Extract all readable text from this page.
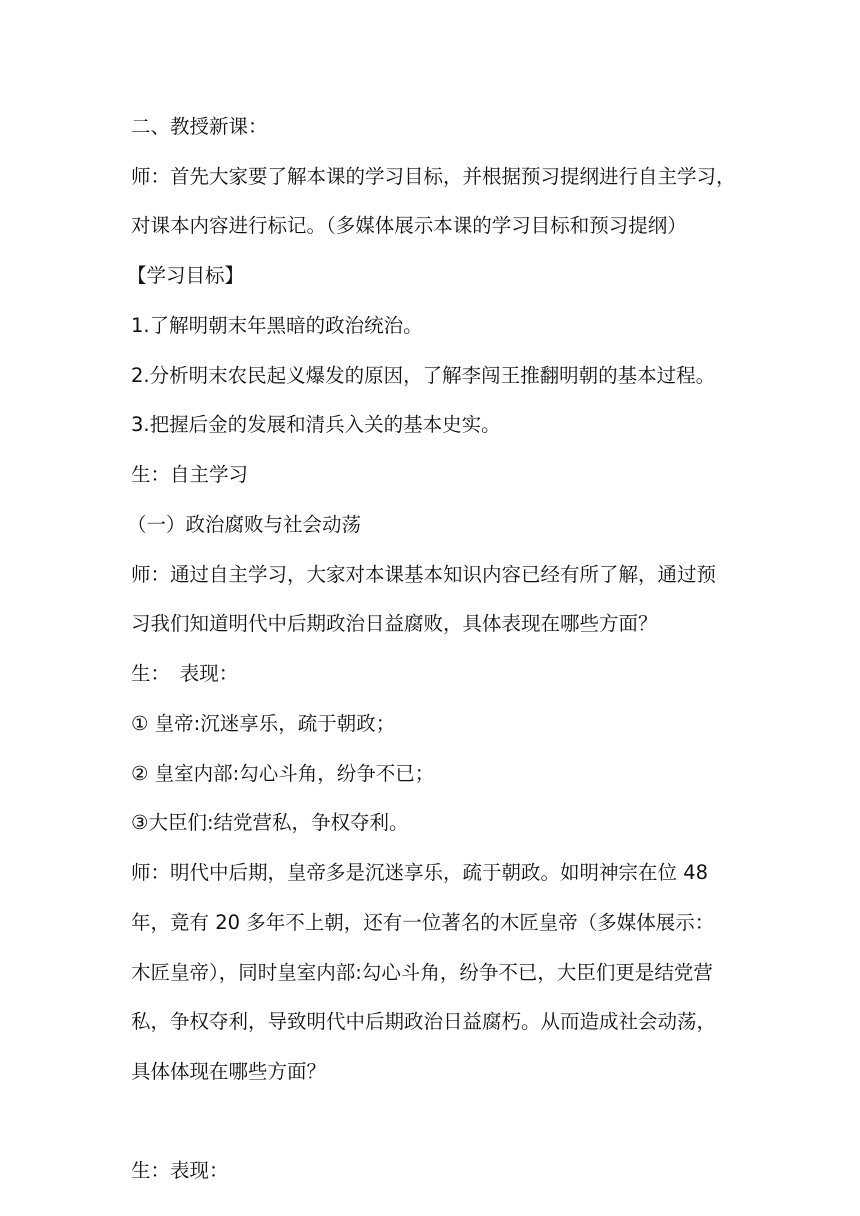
二、教授新课：
师：首先大家要了解本课的学习目标，并根据预习提纲进行自主学习，
对课本内容进行标记。（多媒体展示本课的学习目标和预习提纲）
【学习目标】
1.了解明朝末年黑暗的政治统治。
2.分析明末农民起义爆发的原因，了解李闯王推翻明朝的基本过程。
3.把握后金的发展和清兵入关的基本史实。
生：自主学习
（一）政治腐败与社会动荡
师：通过自主学习，大家对本课基本知识内容已经有所了解，通过预
习我们知道明代中后期政治日益腐败，具体表现在哪些方面？
生：　表现：
① 皇帝:沉迷享乐，疏于朝政；
② 皇室内部:勾心斗角，纷争不已；
③大臣们:结党营私，争权夺利。
师：明代中后期，皇帝多是沉迷享乐，疏于朝政。如明神宗在位 48
年，竟有 20 多年不上朝，还有一位著名的木匠皇帝（多媒体展示：
木匠皇帝），同时皇室内部:勾心斗角，纷争不已，大臣们更是结党营
私，争权夺利，导致明代中后期政治日益腐朽。从而造成社会动荡，
具体体现在哪些方面？
生：表现：
